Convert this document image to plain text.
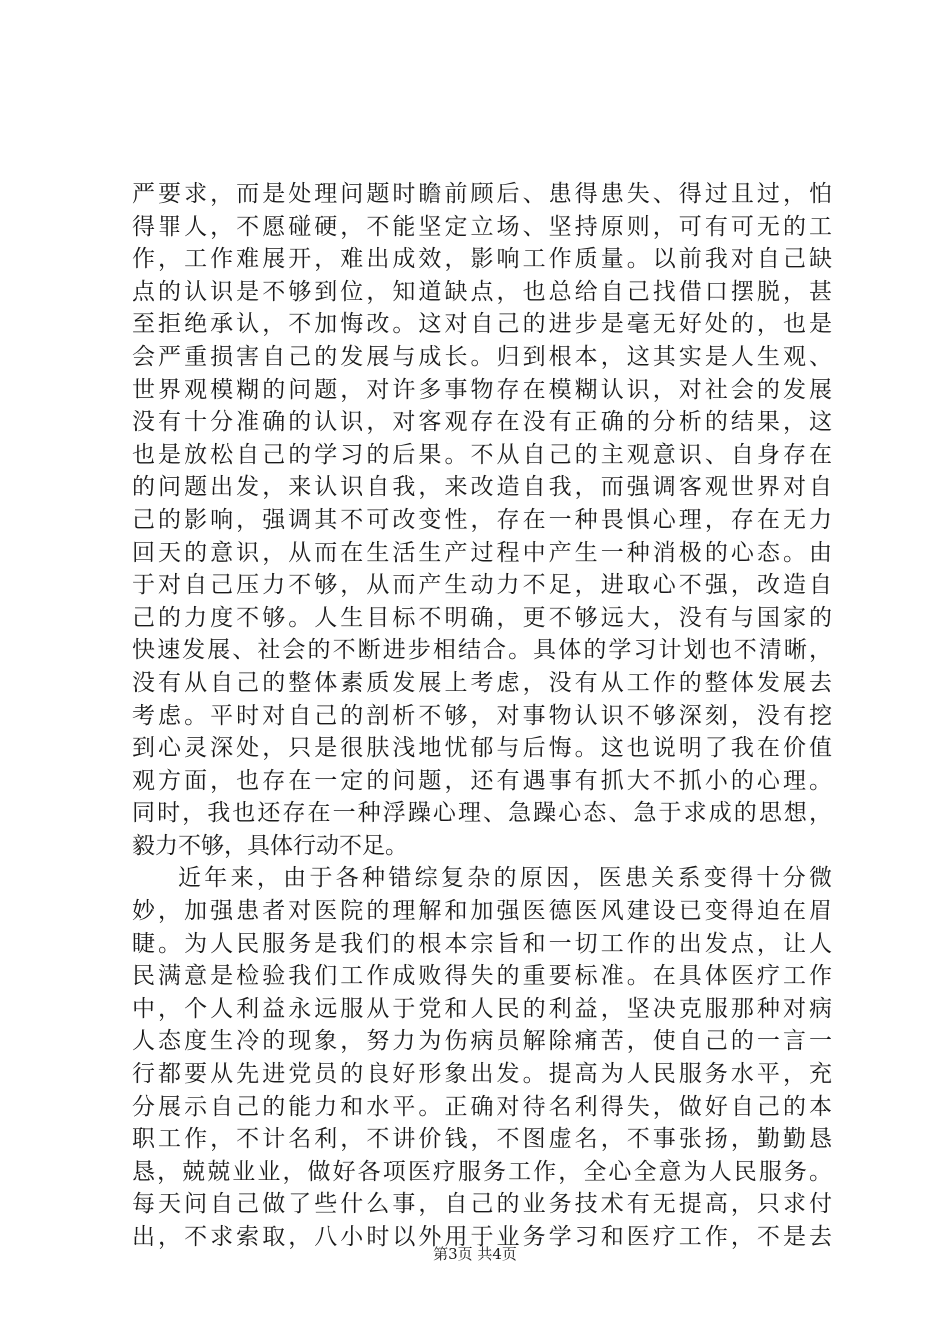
严要求，而是处理问题时瞻前顾后、患得患失、得过且过，怕
得罪人，不愿碰硬，不能坚定立场、坚持原则，可有可无的工
作，工作难展开，难出成效，影响工作质量。以前我对自己缺
点的认识是不够到位，知道缺点，也总给自己找借口摆脱，甚
至拒绝承认，不加悔改。这对自己的进步是毫无好处的，也是
会严重损害自己的发展与成长。归到根本，这其实是人生观、
世界观模糊的问题，对许多事物存在模糊认识，对社会的发展
没有十分准确的认识，对客观存在没有正确的分析的结果，这
也是放松自己的学习的后果。不从自己的主观意识、自身存在
的问题出发，来认识自我，来改造自我，而强调客观世界对自
己的影响，强调其不可改变性，存在一种畏惧心理，存在无力
回天的意识，从而在生活生产过程中产生一种消极的心态。由
于对自己压力不够，从而产生动力不足，进取心不强，改造自
己的力度不够。人生目标不明确，更不够远大，没有与国家的
快速发展、社会的不断进步相结合。具体的学习计划也不清晰，
没有从自己的整体素质发展上考虑，没有从工作的整体发展去
考虑。平时对自己的剖析不够，对事物认识不够深刻，没有挖
到心灵深处，只是很肤浅地忧郁与后悔。这也说明了我在价值
观方面，也存在一定的问题，还有遇事有抓大不抓小的心理。
同时，我也还存在一种浮躁心理、急躁心态、急于求成的思想，
毅力不够，具体行动不足。
近年来，由于各种错综复杂的原因，医患关系变得十分微
妙，加强患者对医院的理解和加强医德医风建设已变得迫在眉
睫。为人民服务是我们的根本宗旨和一切工作的出发点，让人
民满意是检验我们工作成败得失的重要标准。在具体医疗工作
中，个人利益永远服从于党和人民的利益，坚决克服那种对病
人态度生冷的现象，努力为伤病员解除痛苦，使自己的一言一
行都要从先进党员的良好形象出发。提高为人民服务水平，充
分展示自己的能力和水平。正确对待名利得失，做好自己的本
职工作，不计名利，不讲价钱，不图虚名，不事张扬，勤勤恳
恳，兢兢业业，做好各项医疗服务工作，全心全意为人民服务。
每天问自己做了些什么事，自己的业务技术有无提高，只求付
出，不求索取，八小时以外用于业务学习和医疗工作，不是去
第3页 共4页
